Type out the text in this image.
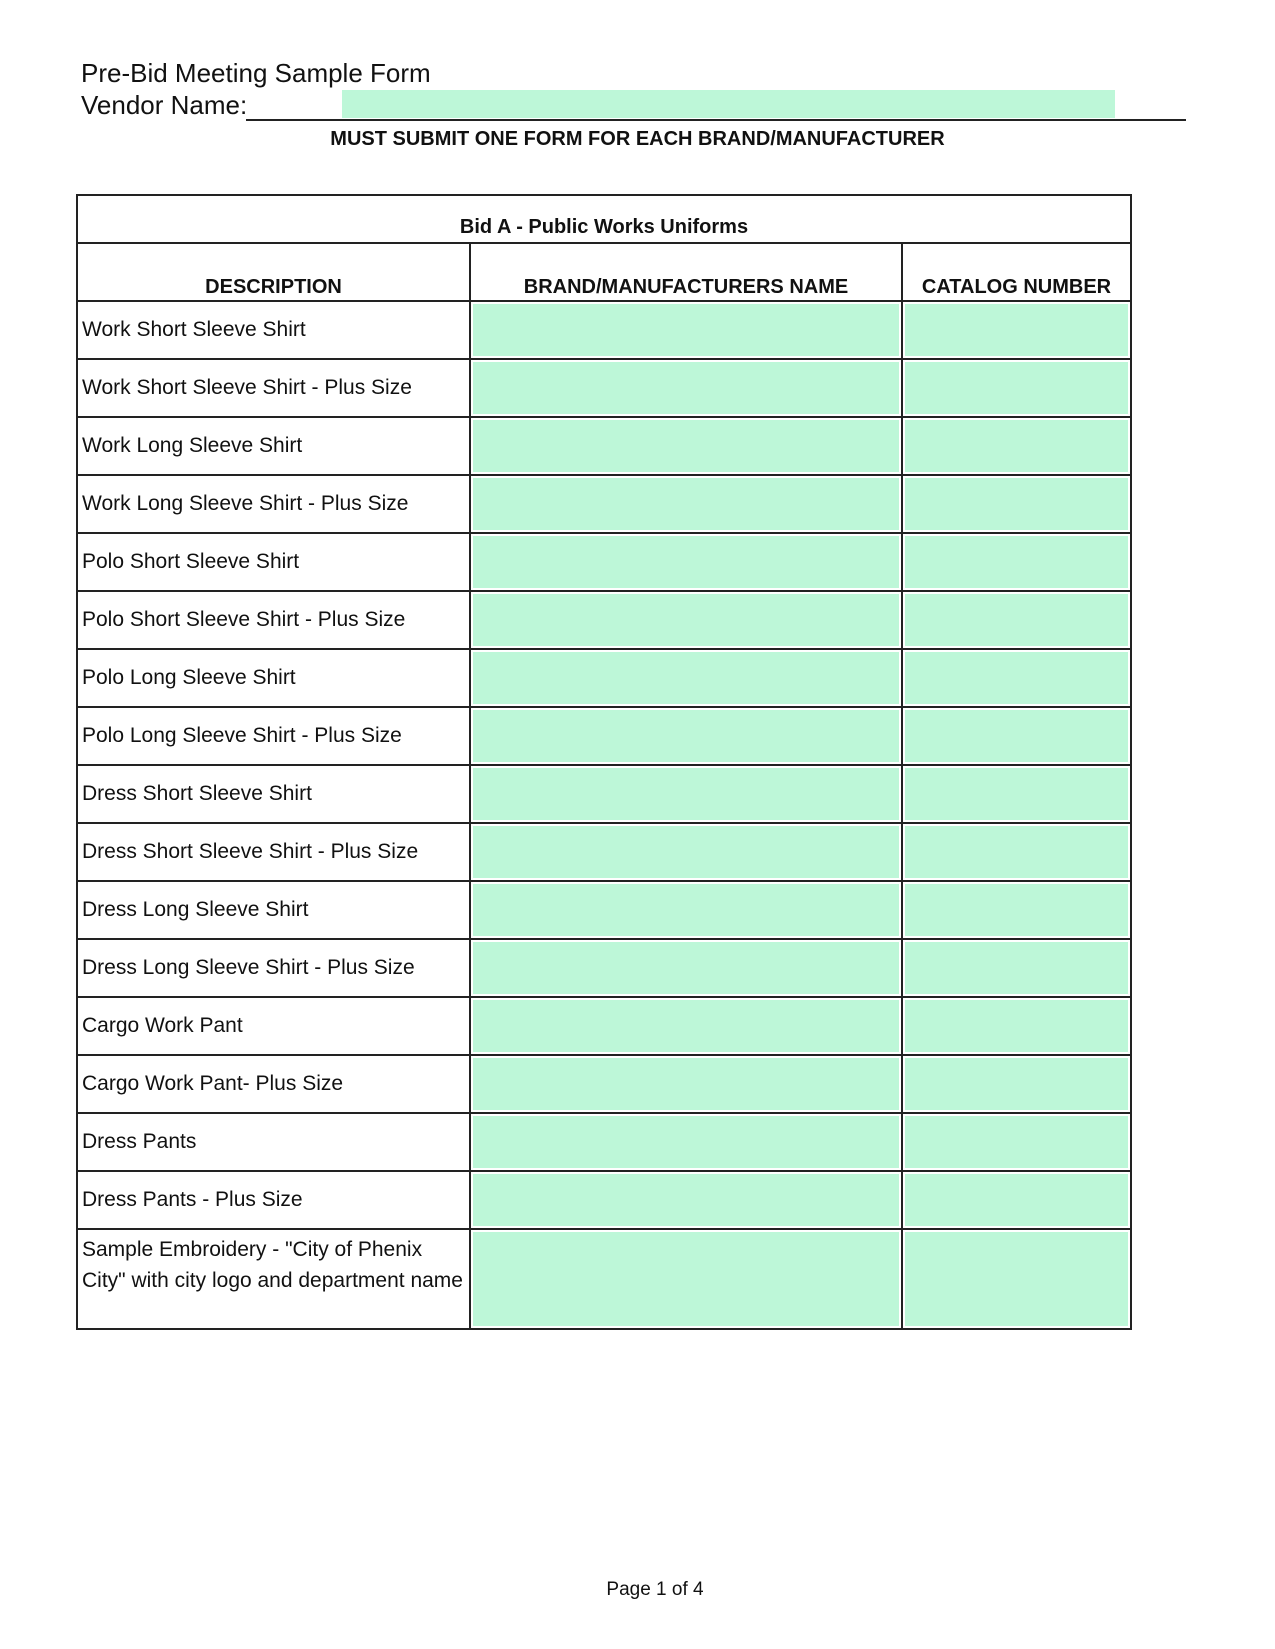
Pre-Bid Meeting Sample Form
Vendor Name:
MUST SUBMIT ONE FORM FOR EACH BRAND/MANUFACTURER
Bid A - Public Works Uniforms
DESCRIPTION	BRAND/MANUFACTURERS NAME	CATALOG NUMBER
Work Short Sleeve Shirt
Work Short Sleeve Shirt - Plus Size
Work Long Sleeve Shirt
Work Long Sleeve Shirt - Plus Size
Polo Short Sleeve Shirt
Polo Short Sleeve Shirt - Plus Size
Polo Long Sleeve Shirt
Polo Long Sleeve Shirt - Plus Size
Dress Short Sleeve Shirt
Dress Short Sleeve Shirt - Plus Size
Dress Long Sleeve Shirt
Dress Long Sleeve Shirt - Plus Size
Cargo Work Pant
Cargo Work Pant- Plus Size
Dress Pants
Dress Pants - Plus Size
Sample Embroidery - "City of Phenix City" with city logo and department name
Page 1 of 4
